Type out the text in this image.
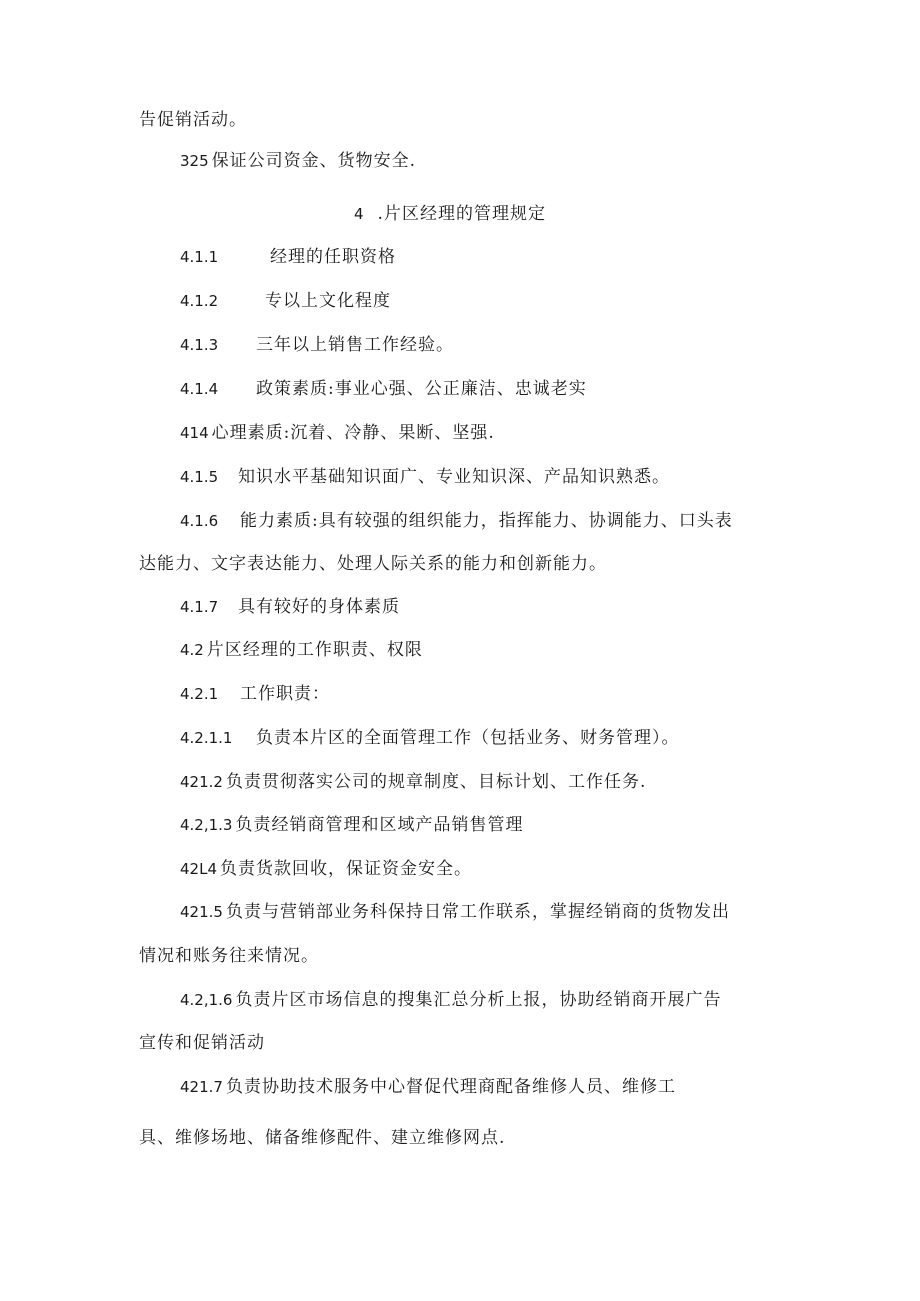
告促销活动。
325 保证公司资金、货物安全.
4 .片区经理的管理规定
4.1.1	经理的任职资格
4.1.2	专以上文化程度
4.1.3 三年以上销售工作经验。
4.1.4 政策素质:事业心强、公正廉洁、忠诚老实
414 心理素质:沉着、冷静、果断、坚强.
4.1.5 知识水平基础知识面广、专业知识深、产品知识熟悉。
4.1.6 能力素质:具有较强的组织能力，指挥能力、协调能力、口头表
达能力、文字表达能力、处理人际关系的能力和创新能力。
4.1.7 具有较好的身体素质
4.2 片区经理的工作职责、权限
4.2.1 工作职责：
4.2.1.1 负责本片区的全面管理工作（包括业务、财务管理）。
421.2 负责贯彻落实公司的规章制度、目标计划、工作任务.
4.2,1.3 负责经销商管理和区域产品销售管理
42L4 负责货款回收，保证资金安全。
421.5 负责与营销部业务科保持日常工作联系，掌握经销商的货物发出
情况和账务往来情况。
4.2,1.6 负责片区市场信息的搜集汇总分析上报，协助经销商开展广告
宣传和促销活动
421.7 负责协助技术服务中心督促代理商配备维修人员、维修工
具、维修场地、储备维修配件、建立维修网点.
